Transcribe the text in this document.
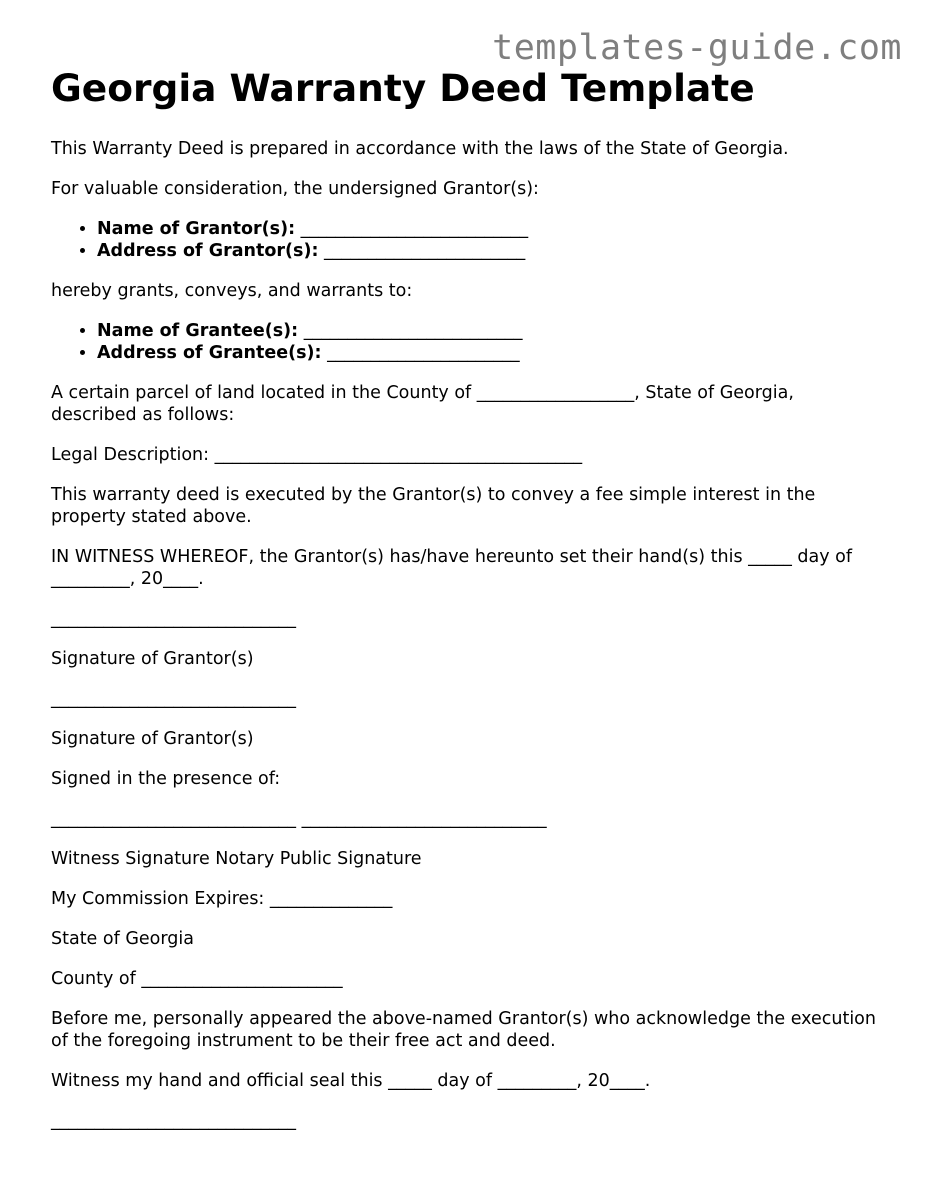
templates-guide.com
Georgia Warranty Deed Template

This Warranty Deed is prepared in accordance with the laws of the State of Georgia.

For valuable consideration, the undersigned Grantor(s):

• Name of Grantor(s): __________________________
• Address of Grantor(s): _______________________

hereby grants, conveys, and warrants to:

• Name of Grantee(s): _________________________
• Address of Grantee(s): ______________________

A certain parcel of land located in the County of __________________, State of Georgia, described as follows:

Legal Description: __________________________________________

This warranty deed is executed by the Grantor(s) to convey a fee simple interest in the property stated above.

IN WITNESS WHEREOF, the Grantor(s) has/have hereunto set their hand(s) this _____ day of _________, 20____.

____________________________

Signature of Grantor(s)

____________________________

Signature of Grantor(s)

Signed in the presence of:

____________________________ ____________________________

Witness Signature Notary Public Signature

My Commission Expires: ______________

State of Georgia

County of _______________________

Before me, personally appeared the above-named Grantor(s) who acknowledge the execution of the foregoing instrument to be their free act and deed.

Witness my hand and official seal this _____ day of _________, 20____.

____________________________
